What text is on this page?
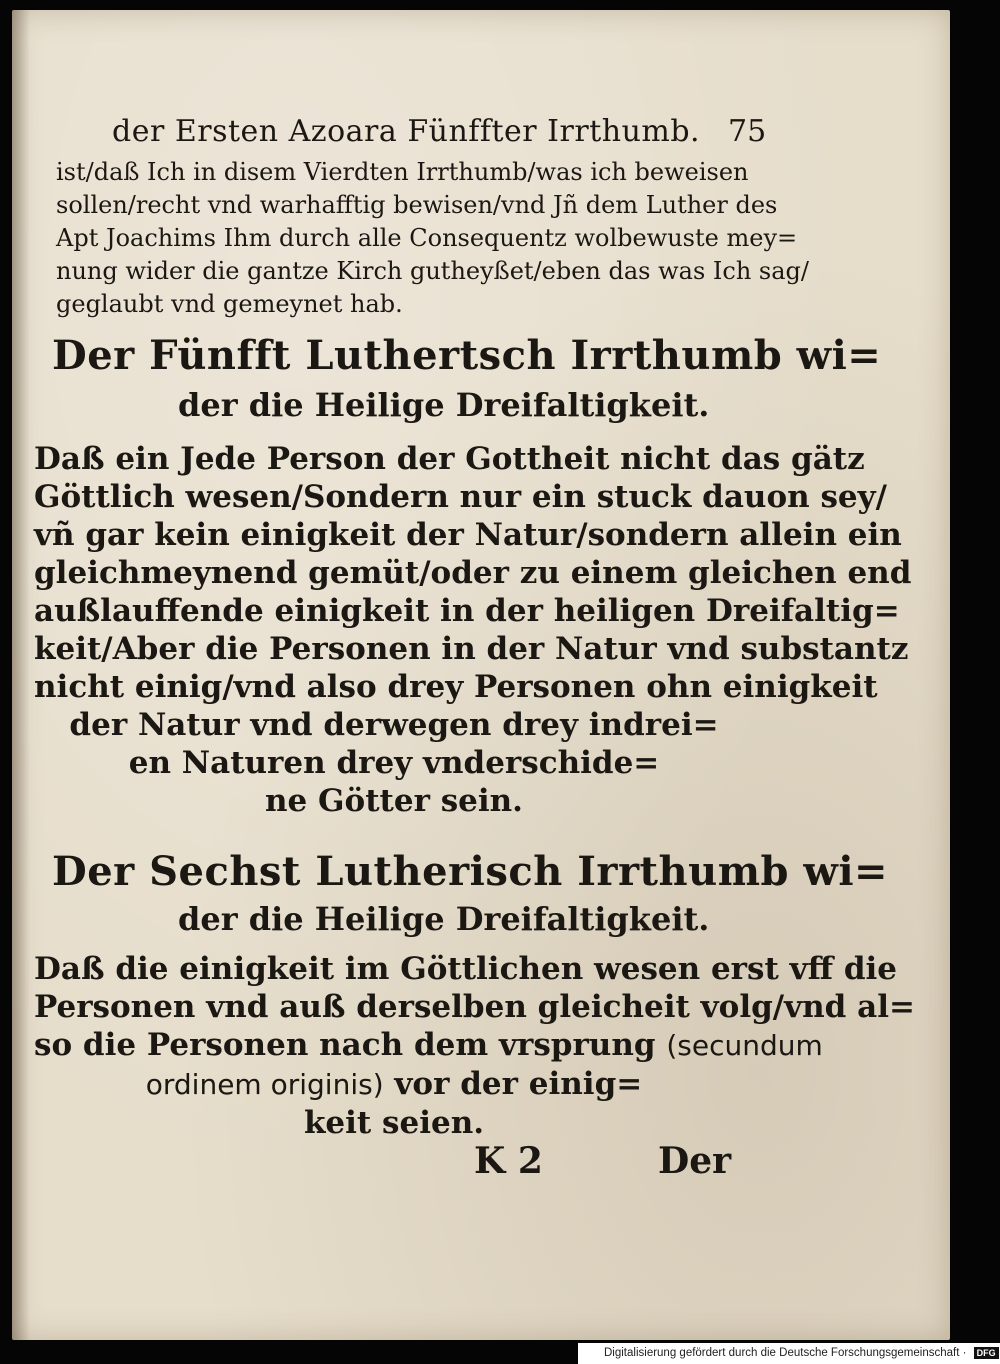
der Ersten Azoara Fünffter Irrthumb. 75
ist/daß Ich in disem Vierdten Irrthumb/was ich beweisen
sollen/recht vnd warhafftig bewisen/vnd Jñ dem Luther des
Apt Joachims Ihm durch alle Consequentz wolbewuste mey=
nung wider die gantze Kirch gutheyßet/eben das was Ich sag/
geglaubt vnd gemeynet hab.
Der Fünfft Luthertsch Irrthumb wi=
der die Heilige Dreifaltigkeit.
Daß ein Jede Person der Gottheit nicht das gätz
Göttlich wesen/Sondern nur ein stuck dauon sey/
vñ gar kein einigkeit der Natur/sondern allein ein
gleichmeynend gemüt/oder zu einem gleichen end
außlauffende einigkeit in der heiligen Dreifaltig=
keit/Aber die Personen in der Natur vnd substantz
nicht einig/vnd also drey Personen ohn einigkeit
der Natur vnd derwegen drey indrei=
en Naturen drey vnderschide=
ne Götter sein.
Der Sechst Lutherisch Irrthumb wi=
der die Heilige Dreifaltigkeit.
Daß die einigkeit im Göttlichen wesen erst vff die
Personen vnd auß derselben gleicheit volg/vnd al=
so die Personen nach dem vrsprung (secundum
ordinem originis) vor der einig=
keit seien.
K 2	Der
Digitalisierung gefördert durch die Deutsche Forschungsgemeinschaft · DFG
